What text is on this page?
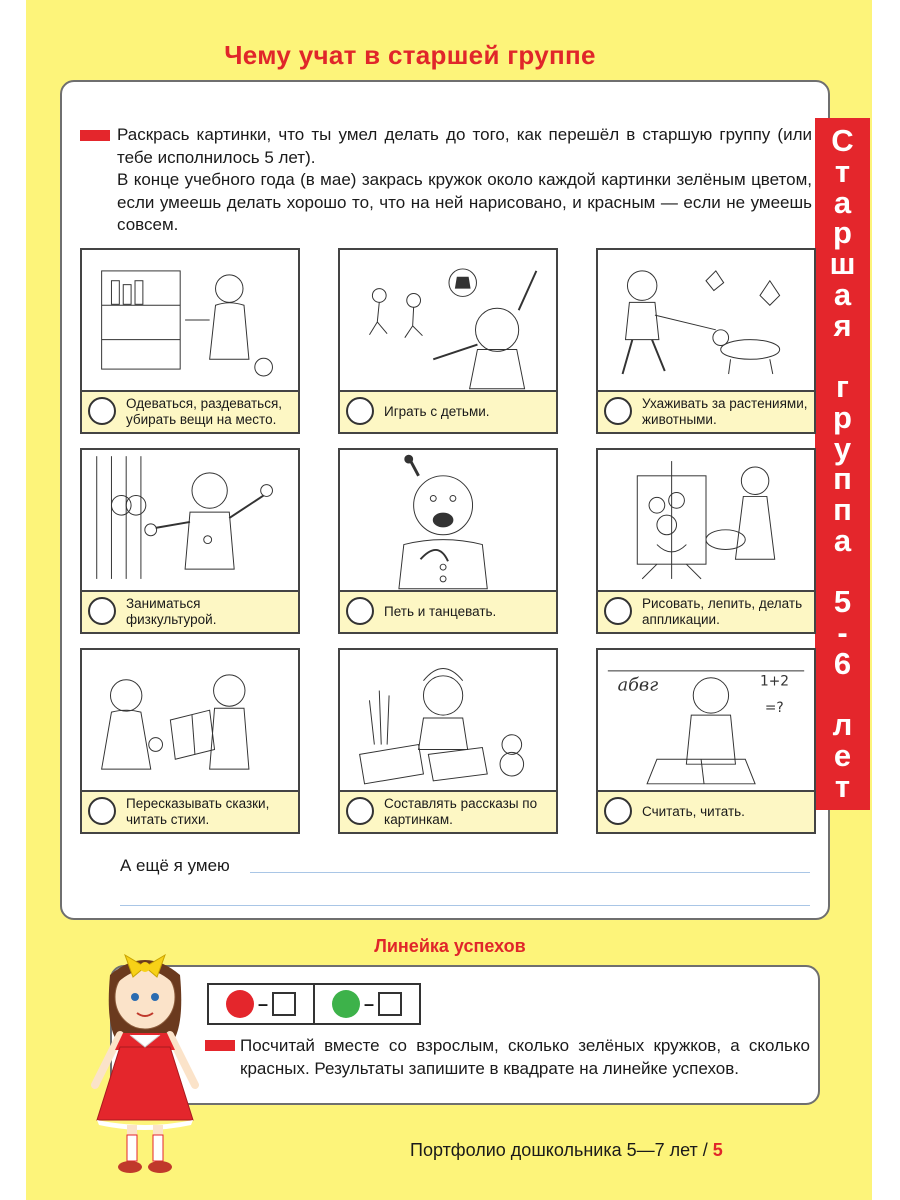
Чему учат в старшей группе
С
т
а
р
ш
а
я
г
р
у
п
п
а
5
-
6
л
е
т

Раскрась картинки, что ты умел делать до того, как перешёл в старшую группу (или тебе исполнилось 5 лет).

В конце учебного года (в мае) закрась кружок около каждой картинки зелёным цветом, если умеешь делать хорошо то, что на ней нарисовано, и красным — если не умеешь совсем.

Одеваться, раздеваться, убирать вещи на место.
Играть с детьми.
Ухаживать за растениями, животными.
Заниматься физкультурой.
Петь и танцевать.
Рисовать, лепить, делать аппликации.
Пересказывать сказки, читать стихи.
Составлять рассказы по картинкам.
абвг	1+2
=?
Считать, читать.
А ещё я умею
Линейка успехов
–	–

Посчитай вместе со взрослым, сколько зелёных кружков, а сколько красных. Результаты запишите в квадрате на линейке успехов.

Портфолио дошкольника 5—7 лет / 5
